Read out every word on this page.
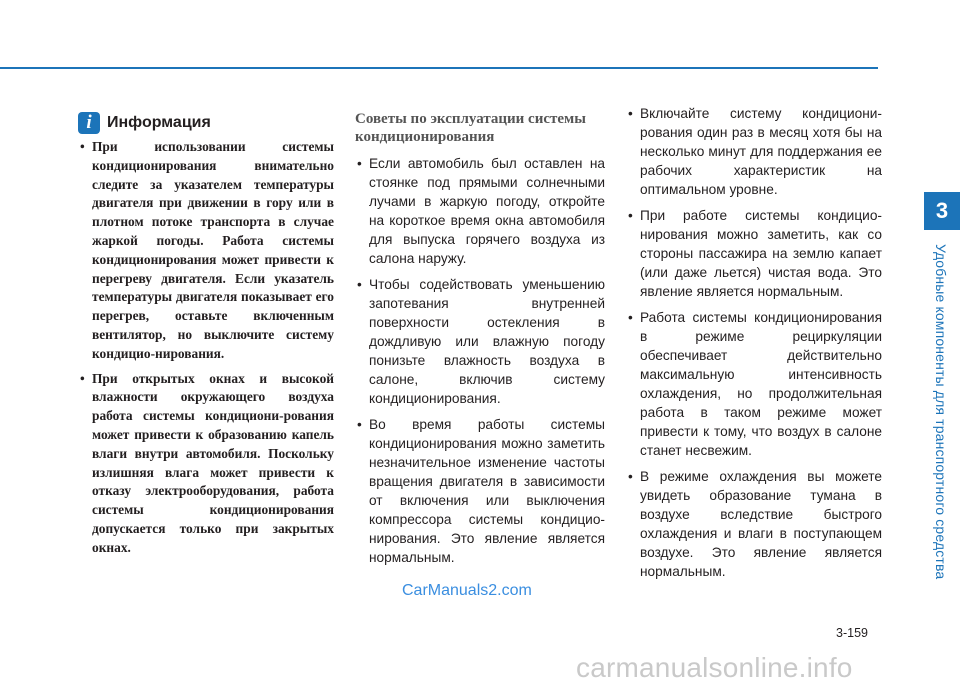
3
Удобные компоненты для транспортного средства
i Информация
• При использовании системы кондиционирования внимательно следите за указателем температуры двигателя при движении в гору или в плотном потоке транспорта в случае жаркой погоды. Работа системы кондиционирования может привести к перегреву двигателя. Если указатель температуры двигателя показывает его перегрев, оставьте включенным вентилятор, но выключите систему кондицио-нирования.
• При открытых окнах и высокой влажности окружающего воздуха работа системы кондициони-рования может привести к образованию капель влаги внутри автомобиля. Поскольку излишняя влага может привести к отказу электрооборудования, работа системы кондиционирования допускается только при закрытых окнах.
Советы по эксплуатации системы кондиционирования
• Если автомобиль был оставлен на стоянке под прямыми солнечными лучами в жаркую погоду, откройте на короткое время окна автомобиля для выпуска горячего воздуха из салона наружу.
• Чтобы содействовать уменьшению запотевания внутренней поверхности остекления в дождливую или влажную погоду понизьте влажность воздуха в салоне, включив систему кондиционирования.
• Во время работы системы кондиционирования можно заметить незначительное изменение частоты вращения двигателя в зависимости от включения или выключения компрессора системы кондицио-нирования. Это явление является нормальным.
• Включайте систему кондициони-рования один раз в месяц хотя бы на несколько минут для поддержания ее рабочих характеристик на оптимальном уровне.
• При работе системы кондицио-нирования можно заметить, как со стороны пассажира на землю капает (или даже льется) чистая вода. Это явление является нормальным.
• Работа системы кондиционирования в режиме рециркуляции обеспечивает действительно максимальную интенсивность охлаждения, но продолжительная работа в таком режиме может привести к тому, что воздух в салоне станет несвежим.
• В режиме охлаждения вы можете увидеть образование тумана в воздухе вследствие быстрого охлаждения и влаги в поступающем воздухе. Это явление является нормальным.
CarManuals2.com
3-159
carmanualsonline.info
